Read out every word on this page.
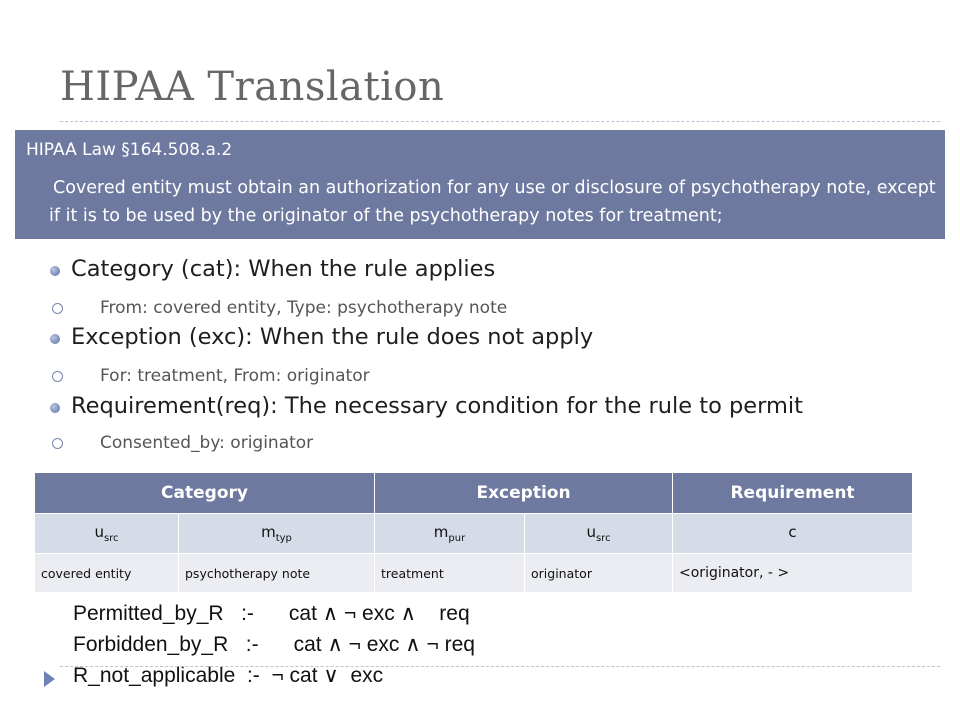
HIPAA Translation
HIPAA Law §164.508.a.2
Covered entity must obtain an authorization for any use or disclosure of psychotherapy note, except if it is to be used by the originator of the psychotherapy notes for treatment;
Category (cat): When the rule applies
From: covered entity, Type: psychotherapy note
Exception (exc): When the rule does not apply
For: treatment, From: originator
Requirement(req): The necessary condition for the rule to permit
Consented_by: originator
Category		Exception		Requirement
$u_{src}$	$m_{typ}$	$m_{pur}$	$u_{src}$	c
covered entity	psychotherapy note	treatment	originator	<originator, - >
Permitted_by_R   :-      cat ∧ ¬ exc ∧    req
Forbidden_by_R   :-      cat ∧ ¬ exc ∧ ¬ req
R_not_applicable  :-  ¬ cat ∨  exc
